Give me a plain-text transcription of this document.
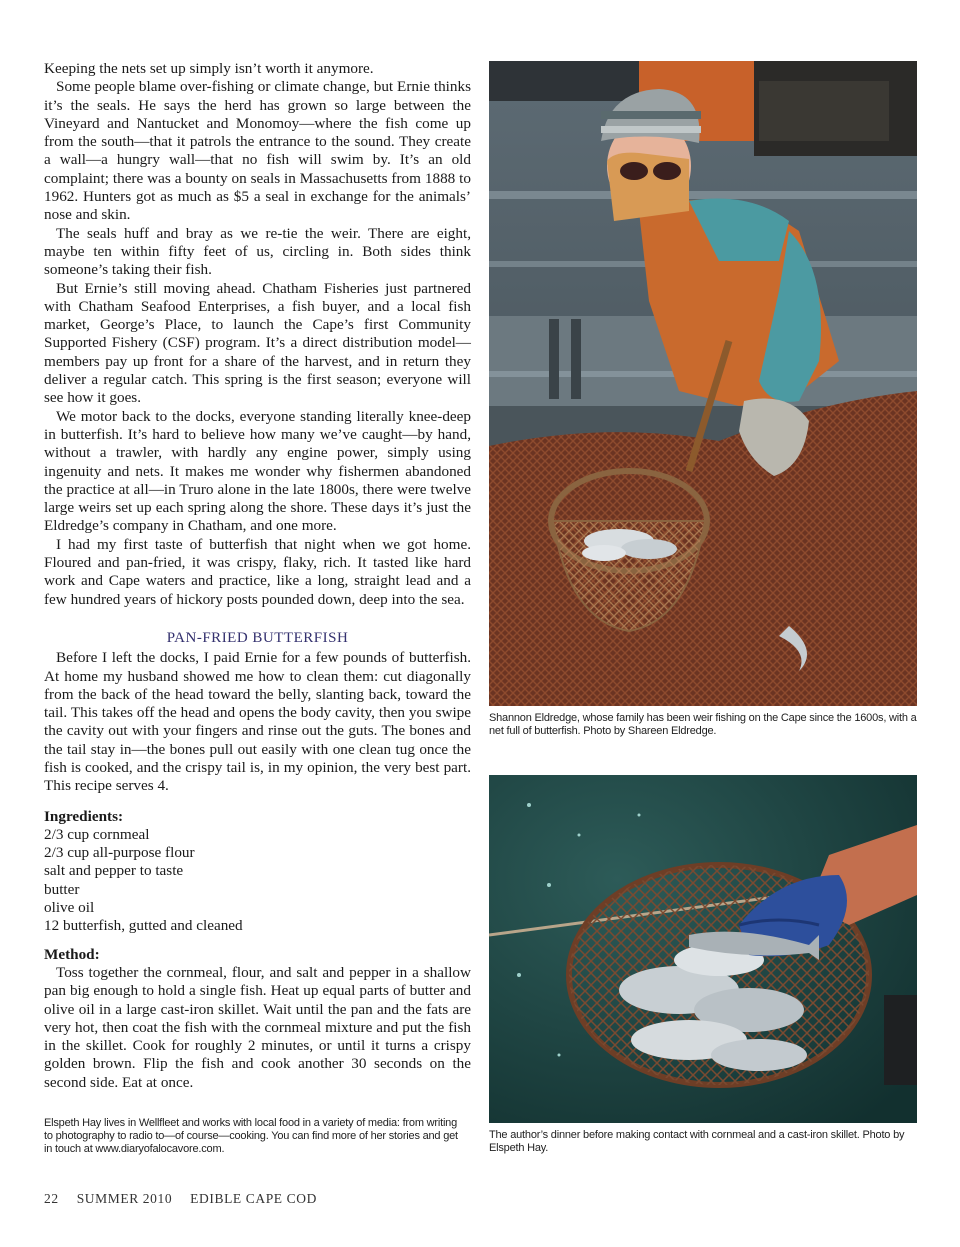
Keeping the nets set up simply isn’t worth it anymore.

Some people blame over-fishing or climate change, but Ernie thinks it’s the seals. He says the herd has grown so large between the Vineyard and Nantucket and Monomoy—where the fish come up from the south—that it patrols the entrance to the sound. They create a wall—a hungry wall—that no fish will swim by. It’s an old complaint; there was a bounty on seals in Massachusetts from 1888 to 1962. Hunters got as much as $5 a seal in exchange for the animals’ nose and skin.

The seals huff and bray as we re-tie the weir. There are eight, maybe ten within fifty feet of us, circling in. Both sides think someone’s taking their fish.

But Ernie’s still moving ahead. Chatham Fisheries just partnered with Chatham Seafood Enterprises, a fish buyer, and a local fish market, George’s Place, to launch the Cape’s first Community Supported Fishery (CSF) program. It’s a direct distribution model—members pay up front for a share of the harvest, and in return they deliver a regular catch. This spring is the first season; everyone will see how it goes.

We motor back to the docks, everyone standing literally knee-deep in butterfish. It’s hard to believe how many we’ve caught—by hand, without a trawler, with hardly any engine power, simply using ingenuity and nets. It makes me wonder why fishermen abandoned the practice at all—in Truro alone in the late 1800s, there were twelve large weirs set up each spring along the shore. These days it’s just the Eldredge’s company in Chatham, and one more.

I had my first taste of butterfish that night when we got home. Floured and pan-fried, it was crispy, flaky, rich. It tasted like hard work and Cape waters and practice, like a long, straight lead and a few hundred years of hickory posts pounded down, deep into the sea.

PAN-FRIED BUTTERFISH

Before I left the docks, I paid Ernie for a few pounds of butterfish. At home my husband showed me how to clean them: cut diagonally from the back of the head toward the belly, slanting back, toward the tail. This takes off the head and opens the body cavity, then you swipe the cavity out with your fingers and rinse out the guts. The bones and the tail stay in—the bones pull out easily with one clean tug once the fish is cooked, and the crispy tail is, in my opinion, the very best part. This recipe serves 4.

Ingredients:
2/3 cup cornmeal
2/3 cup all-purpose flour
salt and pepper to taste
butter
olive oil
12 butterfish, gutted and cleaned
Method:

Toss together the cornmeal, flour, and salt and pepper in a shallow pan big enough to hold a single fish. Heat up equal parts of butter and olive oil in a large cast-iron skillet. Wait until the pan and the fats are very hot, then coat the fish with the cornmeal mixture and put the fish in the skillet. Cook for roughly 2 minutes, or until it turns a crispy golden brown. Flip the fish and cook another 30 seconds on the second side. Eat at once.

Elspeth Hay lives in Wellfleet and works with local food in a variety of media: from writing to photography to radio to—of course—cooking. You can find more of her stories and get in touch at www.diaryofalocavore.com.
22 SUMMER 2010 EDIBLE CAPE COD
Shannon Eldredge, whose family has been weir fishing on the Cape since the 1600s, with a net full of butterfish. Photo by Shareen Eldredge.
The author’s dinner before making contact with cornmeal and a cast-iron skillet. Photo by Elspeth Hay.
